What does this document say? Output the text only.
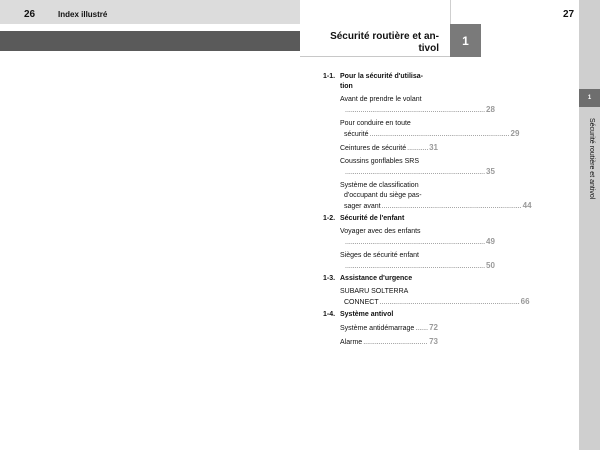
26	Index illustré	27
Sécurité routière et an-
tivol
1
1
Sécurité routière et antivol
1-1. Pour la sécurité d'utilisa-
tion
Avant de prendre le volant
..... 28
Pour conduire en toute
sécurité .....	29
Ceintures de sécurité .....	31
Coussins gonflables SRS
..... 35
Système de classification
d'occupant du siège pas-
sager avant .....	44
1-2. Sécurité de l'enfant
Voyager avec des enfants
..... 49
Sièges de sécurité enfant
..... 50
1-3. Assistance d'urgence
SUBARU SOLTERRA
CONNECT .....	66
1-4. Système antivol
Système antidémarrage ..... 72
Alarme .....	73
